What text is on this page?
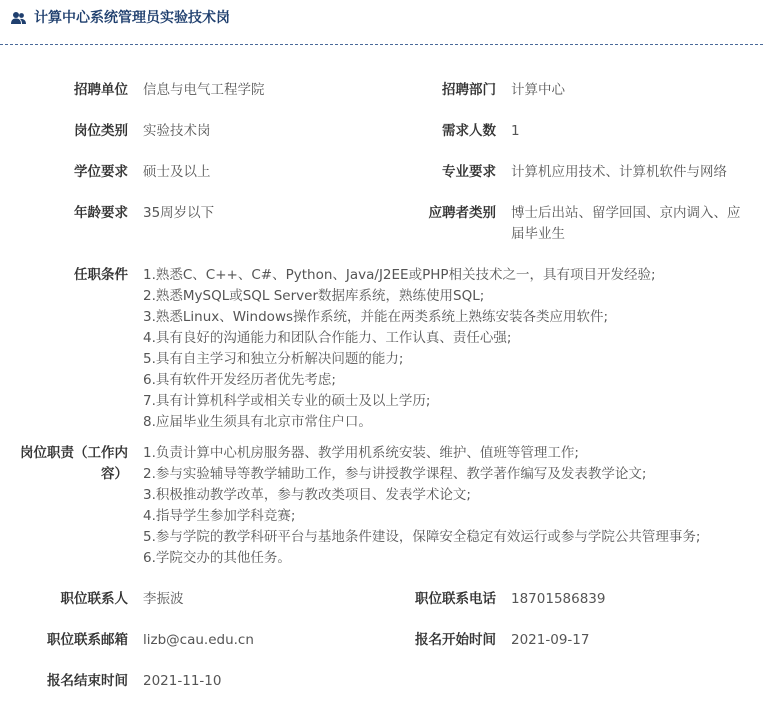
计算中心系统管理员实验技术岗
招聘单位 信息与电气工程学院	招聘部门 计算中心
岗位类别 实验技术岗	需求人数 1
学位要求 硕士及以上	专业要求 计算机应用技术、计算机软件与网络
年龄要求 35周岁以下	应聘者类别 博士后出站、留学回国、京内调入、应
届毕业生
任职条件 1.熟悉C、C++、C#、Python、Java/J2EE或PHP相关技术之一，具有项目开发经验;
2.熟悉MySQL或SQL Server数据库系统，熟练使用SQL;
3.熟悉Linux、Windows操作系统，并能在两类系统上熟练安装各类应用软件;
4.具有良好的沟通能力和团队合作能力、工作认真、责任心强;
5.具有自主学习和独立分析解决问题的能力;
6.具有软件开发经历者优先考虑;
7.具有计算机科学或相关专业的硕士及以上学历;
8.应届毕业生须具有北京市常住户口。
岗位职责（工作内
容）
1.负责计算中心机房服务器、教学用机系统安装、维护、值班等管理工作;
2.参与实验辅导等教学辅助工作，参与讲授教学课程、教学著作编写及发表教学论文;
3.积极推动教学改革，参与教改类项目、发表学术论文;
4.指导学生参加学科竞赛;
5.参与学院的教学科研平台与基地条件建设，保障安全稳定有效运行或参与学院公共管理事务;
6.学院交办的其他任务。
职位联系人 李振波	职位联系电话 18701586839
职位联系邮箱 lizb@cau.edu.cn	报名开始时间 2021-09-17
报名结束时间 2021-11-10
